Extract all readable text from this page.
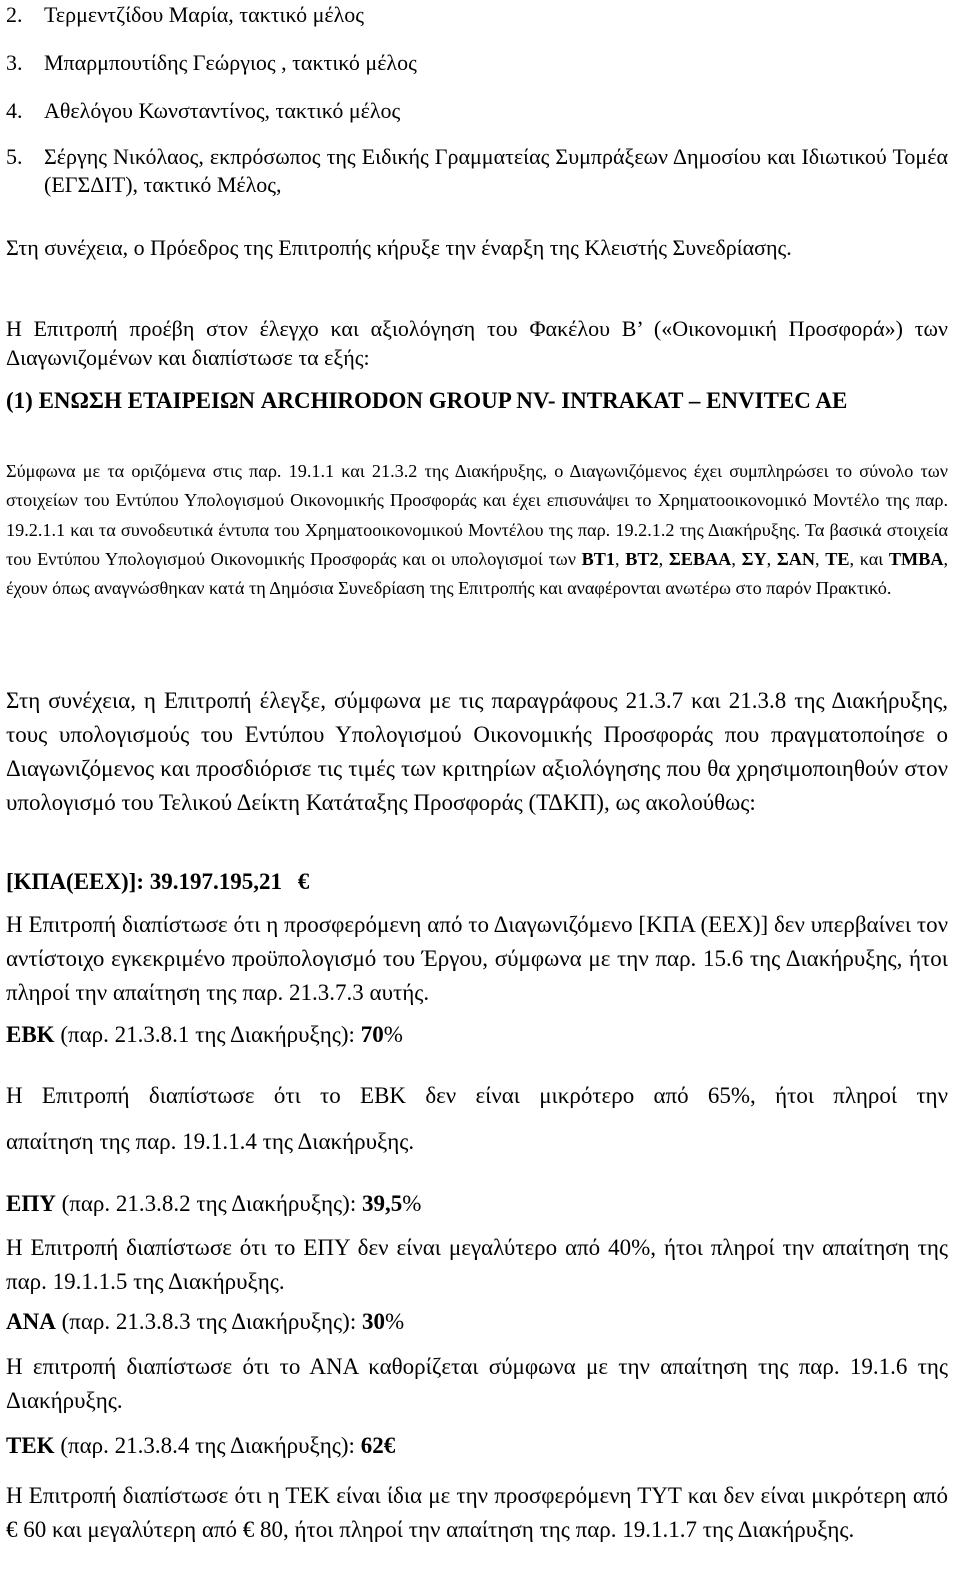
2. Τερμεντζίδου Μαρία, τακτικό μέλος
3. Μπαρμπουτίδης Γεώργιος , τακτικό μέλος
4. Αθελόγου Κωνσταντίνος, τακτικό μέλος
5. Σέργης Νικόλαος, εκπρόσωπος της Ειδικής Γραμματείας Συμπράξεων Δημοσίου και Ιδιωτικού Τομέα (ΕΓΣΔΙΤ), τακτικό Μέλος,

Στη συνέχεια, ο Πρόεδρος της Επιτροπής κήρυξε την έναρξη της Κλειστής Συνεδρίασης.

Η Επιτροπή προέβη στον έλεγχο και αξιολόγηση του Φακέλου Β’ («Οικονομική Προσφορά») των Διαγωνιζομένων και διαπίστωσε τα εξής:

(1) ΕΝΩΣΗ ΕΤΑΙΡΕΙΩΝ ARCHIRODON GROUP NV- INTRAKAT – ENVITEC AE

Σύμφωνα με τα οριζόμενα στις παρ. 19.1.1 και 21.3.2 της Διακήρυξης, ο Διαγωνιζόμενος έχει συμπληρώσει το σύνολο των στοιχείων του Εντύπου Υπολογισμού Οικονομικής Προσφοράς και έχει επισυνάψει το Χρηματοοικονομικό Μοντέλο της παρ. 19.2.1.1 και τα συνοδευτικά έντυπα του Χρηματοοικονομικού Μοντέλου της παρ. 19.2.1.2 της Διακήρυξης. Τα βασικά στοιχεία του Εντύπου Υπολογισμού Οικονομικής Προσφοράς και οι υπολογισμοί των ΒΤ1, ΒΤ2, ΣΕΒΑΑ, ΣΥ, ΣΑΝ, ΤΕ, και ΤΜΒΑ, έχουν όπως αναγνώσθηκαν κατά τη Δημόσια Συνεδρίαση της Επιτροπής και αναφέρονται ανωτέρω στο παρόν Πρακτικό.

Στη συνέχεια, η Επιτροπή έλεγξε, σύμφωνα με τις παραγράφους 21.3.7 και 21.3.8 της Διακήρυξης, τους υπολογισμούς του Εντύπου Υπολογισμού Οικονομικής Προσφοράς που πραγματοποίησε ο Διαγωνιζόμενος και προσδιόρισε τις τιμές των κριτηρίων αξιολόγησης που θα χρησιμοποιηθούν στον υπολογισμό του Τελικού Δείκτη Κατάταξης Προσφοράς (ΤΔΚΠ), ως ακολούθως:

[ΚΠΑ(ΕΕΧ)]: 39.197.195,21 €

Η Επιτροπή διαπίστωσε ότι η προσφερόμενη από το Διαγωνιζόμενο [ΚΠΑ (ΕΕΧ)] δεν υπερβαίνει τον αντίστοιχο εγκεκριμένο προϋπολογισμό του Έργου, σύμφωνα με την παρ. 15.6 της Διακήρυξης, ήτοι πληροί την απαίτηση της παρ. 21.3.7.3 αυτής.

ΕΒΚ (παρ. 21.3.8.1 της Διακήρυξης): 70%

Η Επιτροπή διαπίστωσε ότι το ΕΒΚ δεν είναι μικρότερο από 65%, ήτοι πληροί την

απαίτηση της παρ. 19.1.1.4 της Διακήρυξης.

ΕΠΥ (παρ. 21.3.8.2 της Διακήρυξης): 39,5%

Η Επιτροπή διαπίστωσε ότι το ΕΠΥ δεν είναι μεγαλύτερο από 40%, ήτοι πληροί την απαίτηση της παρ. 19.1.1.5 της Διακήρυξης.

ΑΝΑ (παρ. 21.3.8.3 της Διακήρυξης): 30%

Η επιτροπή διαπίστωσε ότι το ΑΝΑ καθορίζεται σύμφωνα με την απαίτηση της παρ. 19.1.6 της Διακήρυξης.

ΤΕΚ (παρ. 21.3.8.4 της Διακήρυξης): 62€

Η Επιτροπή διαπίστωσε ότι η ΤΕΚ είναι ίδια με την προσφερόμενη ΤΥΤ και δεν είναι μικρότερη από € 60 και μεγαλύτερη από € 80, ήτοι πληροί την απαίτηση της παρ. 19.1.1.7 της Διακήρυξης.
